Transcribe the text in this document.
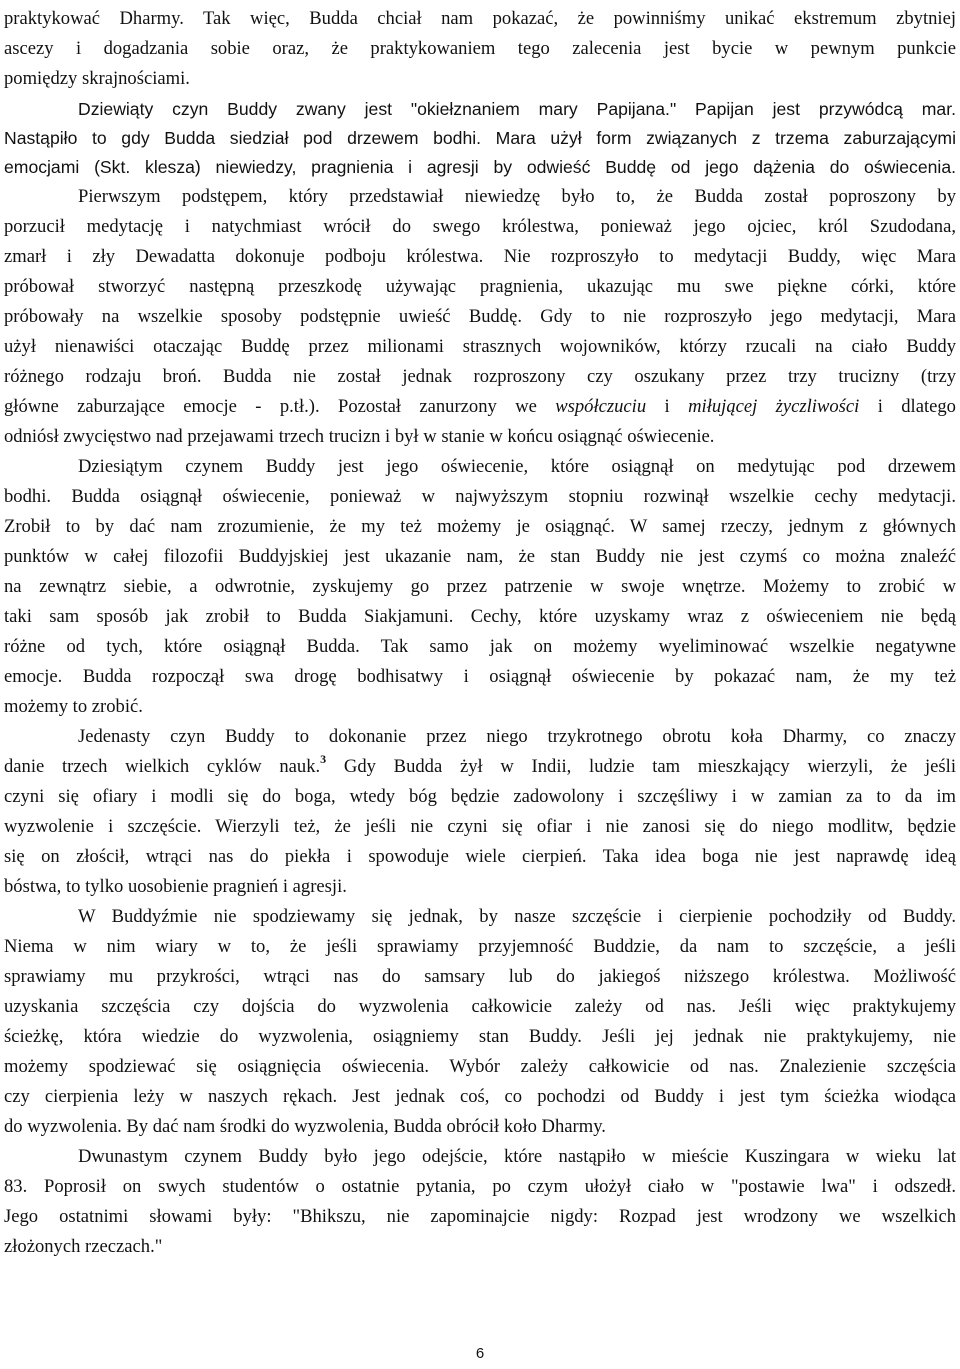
praktykować Dharmy. Tak więc, Budda chciał nam pokazać, że powinniśmy unikać ekstremum zbytniej
ascezy i dogadzania sobie oraz, że praktykowaniem tego zalecenia jest bycie w pewnym punkcie
pomiędzy skrajnościami.
Dziewiąty czyn Buddy zwany jest "okiełznaniem mary Papijana." Papijan jest przywódcą mar.
Nastąpiło to gdy Budda siedział pod drzewem bodhi. Mara użył form związanych z trzema zaburzającymi
emocjami (Skt. klesza) niewiedzy, pragnienia i agresji by odwieść Buddę od jego dążenia do oświecenia.
Pierwszym podstępem, który przedstawiał niewiedzę było to, że Budda został poproszony by
porzucił medytację i natychmiast wrócił do swego królestwa, ponieważ jego ojciec, król Szudodana,
zmarł i zły Dewadatta dokonuje podboju królestwa. Nie rozproszyło to medytacji Buddy, więc Mara
próbował stworzyć następną przeszkodę używając pragnienia, ukazując mu swe piękne córki, które
próbowały na wszelkie sposoby podstępnie uwieść Buddę. Gdy to nie rozproszyło jego medytacji, Mara
użył nienawiści otaczając Buddę przez milionami strasznych wojowników, którzy rzucali na ciało Buddy
różnego rodzaju broń. Budda nie został jednak rozproszony czy oszukany przez trzy trucizny (trzy
główne zaburzające emocje - p.tł.). Pozostał zanurzony we współczuciu i miłującej życzliwości i dlatego
odniósł zwycięstwo nad przejawami trzech trucizn i był w stanie w końcu osiągnąć oświecenie.
Dziesiątym czynem Buddy jest jego oświecenie, które osiągnął on medytując pod drzewem
bodhi. Budda osiągnął oświecenie, ponieważ w najwyższym stopniu rozwinął wszelkie cechy medytacji.
Zrobił to by dać nam zrozumienie, że my też możemy je osiągnąć. W samej rzeczy, jednym z głównych
punktów w całej filozofii Buddyjskiej jest ukazanie nam, że stan Buddy nie jest czymś co można znaleźć
na zewnątrz siebie, a odwrotnie, zyskujemy go przez patrzenie w swoje wnętrze. Możemy to zrobić w
taki sam sposób jak zrobił to Budda Siakjamuni. Cechy, które uzyskamy wraz z oświeceniem nie będą
różne od tych, które osiągnął Budda. Tak samo jak on możemy wyeliminować wszelkie negatywne
emocje. Budda rozpoczął swa drogę bodhisatwy i osiągnął oświecenie by pokazać nam, że my też
możemy to zrobić.
Jedenasty czyn Buddy to dokonanie przez niego trzykrotnego obrotu koła Dharmy, co znaczy
danie trzech wielkich cyklów nauk.$^3$ Gdy Budda żył w Indii, ludzie tam mieszkający wierzyli, że jeśli
czyni się ofiary i modli się do boga, wtedy bóg będzie zadowolony i szczęśliwy i w zamian za to da im
wyzwolenie i szczęście. Wierzyli też, że jeśli nie czyni się ofiar i nie zanosi się do niego modlitw, będzie
się on złościł, wtrąci nas do piekła i spowoduje wiele cierpień. Taka idea boga nie jest naprawdę ideą
bóstwa, to tylko uosobienie pragnień i agresji.
W Buddyźmie nie spodziewamy się jednak, by nasze szczęście i cierpienie pochodziły od Buddy.
Niema w nim wiary w to, że jeśli sprawiamy przyjemność Buddzie, da nam to szczęście, a jeśli
sprawiamy mu przykrości, wtrąci nas do samsary lub do jakiegoś niższego królestwa. Możliwość
uzyskania szczęścia czy dojścia do wyzwolenia całkowicie zależy od nas. Jeśli więc praktykujemy
ścieżkę, która wiedzie do wyzwolenia, osiągniemy stan Buddy. Jeśli jej jednak nie praktykujemy, nie
możemy spodziewać się osiągnięcia oświecenia. Wybór zależy całkowicie od nas. Znalezienie szczęścia
czy cierpienia leży w naszych rękach. Jest jednak coś, co pochodzi od Buddy i jest tym ścieżka wiodąca
do wyzwolenia. By dać nam środki do wyzwolenia, Budda obrócił koło Dharmy.
Dwunastym czynem Buddy było jego odejście, które nastąpiło w mieście Kuszingara w wieku lat
83. Poprosił on swych studentów o ostatnie pytania, po czym ułożył ciało w "postawie lwa" i odszedł.
Jego ostatnimi słowami były: "Bhikszu, nie zapominajcie nigdy: Rozpad jest wrodzony we wszelkich
złożonych rzeczach."
6
